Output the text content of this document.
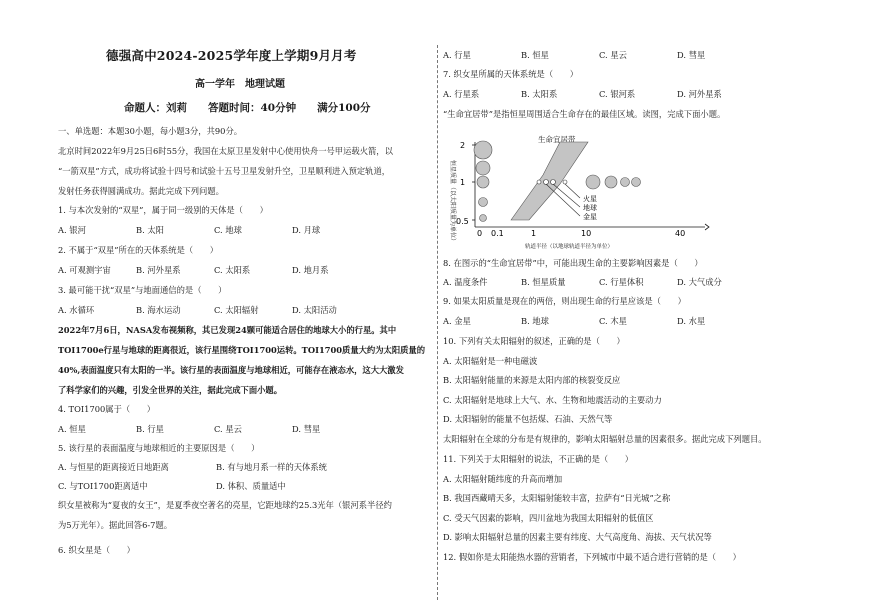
德强高中2024-2025学年度上学期9月月考
高一学年　地理试题
命题人：刘莉　　答题时间：40分钟　　满分100分
一、单选题：本题30小题，每小题3分，共90分。
北京时间2022年9月25日6时55分，我国在太原卫星发射中心使用快舟一号甲运载火箭，以
“一箭双星”方式，成功将试验十四号和试验十五号卫星发射升空，卫星顺利进入预定轨道，
发射任务获得圆满成功。据此完成下列问题。
1. 与本次发射的“双星”，属于同一级别的天体是（　　）
A. 银河	B. 太阳	C. 地球	D. 月球
2. 不属于“双星”所在的天体系统是（　　）
A. 可观测宇宙	B. 河外星系	C. 太阳系	D. 地月系
3. 最可能干扰“双星”与地面通信的是（　　）
A. 水循环	B. 海水运动	C. 太阳辐射	D. 太阳活动
2022年7月6日，NASA发布视频称，其已发现24颗可能适合居住的地球大小的行星。其中
TOI1700e行星与地球的距离很近，该行星围绕TOI1700运转。TOI1700质量大约为太阳质量的
40%,表面温度只有太阳的一半。该行星的表面温度与地球相近，可能存在液态水，这大大激发
了科学家们的兴趣，引发全世界的关注，据此完成下面小题。
4. TOI1700属于（　　）
A. 恒星	B. 行星	C. 星云	D. 彗星
5. 该行星的表面温度与地球相近的主要原因是（　　）
A. 与恒星的距离接近日地距离	B. 有与地月系一样的天体系统
C. 与TOI1700距离适中	D. 体积、质量适中
织女星被称为“夏夜的女王”，是夏季夜空著名的亮星，它距地球约25.3光年（银河系半径约
为5万光年）。据此回答6-7题。
6. 织女星是（　　）
A. 行星	B. 恒星	C. 星云	D. 彗星
7. 织女星所属的天体系统是（　　）
A. 行星系	B. 太阳系	C. 银河系	D. 河外星系
“生命宜居带”是指恒星周围适合生命存在的最佳区域。读图，完成下面小题。
生命宜居带
恒星质量（以太阳质量为单位）
2
1
0.5
0 0.1	1	10	40
轨道半径（以地球轨道半径为单位）
火星
地球
金星
8. 在图示的“生命宜居带”中，可能出现生命的主要影响因素是（　　）
A. 温度条件	B. 恒星质量	C. 行星体积	D. 大气成分
9. 如果太阳质量是现在的两倍，则出现生命的行星应该是（　　）
A. 金星	B. 地球	C. 木星	D. 水星
10. 下列有关太阳辐射的叙述，正确的是（　　）
A. 太阳辐射是一种电磁波
B. 太阳辐射能量的来源是太阳内部的核裂变反应
C. 太阳辐射是地球上大气、水、生物和地震活动的主要动力
D. 太阳辐射的能量不包括煤、石油、天然气等
太阳辐射在全球的分布是有规律的，影响太阳辐射总量的因素很多。据此完成下列题目。
11. 下列关于太阳辐射的说法，不正确的是（　　）
A. 太阳辐射随纬度的升高而增加
B. 我国西藏晴天多，太阳辐射能较丰富，拉萨有“日光城”之称
C. 受天气因素的影响，四川盆地为我国太阳辐射的低值区
D. 影响太阳辐射总量的因素主要有纬度、大气高度角、海拔、天气状况等
12. 假如你是太阳能热水器的营销者，下列城市中最不适合进行营销的是（　　）
